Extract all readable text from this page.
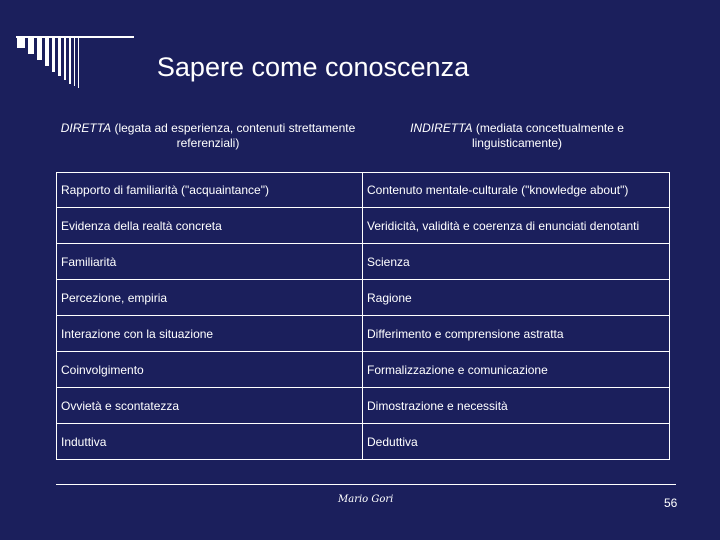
Sapere come conoscenza
DIRETTA (legata ad esperienza, contenuti strettamente referenziali)
INDIRETTA (mediata concettualmente e linguisticamente)
Rapporto di familiarità ("acquaintance")	Contenuto mentale-culturale ("knowledge about")
Evidenza della realtà concreta	Veridicità, validità e coerenza di enunciati denotanti
Familiarità	Scienza
Percezione, empiria	Ragione
Interazione con la situazione	Differimento e comprensione astratta
Coinvolgimento	Formalizzazione e comunicazione
Ovvietà e scontatezza	Dimostrazione e necessità
Induttiva	Deduttiva
Mario Gori	56
